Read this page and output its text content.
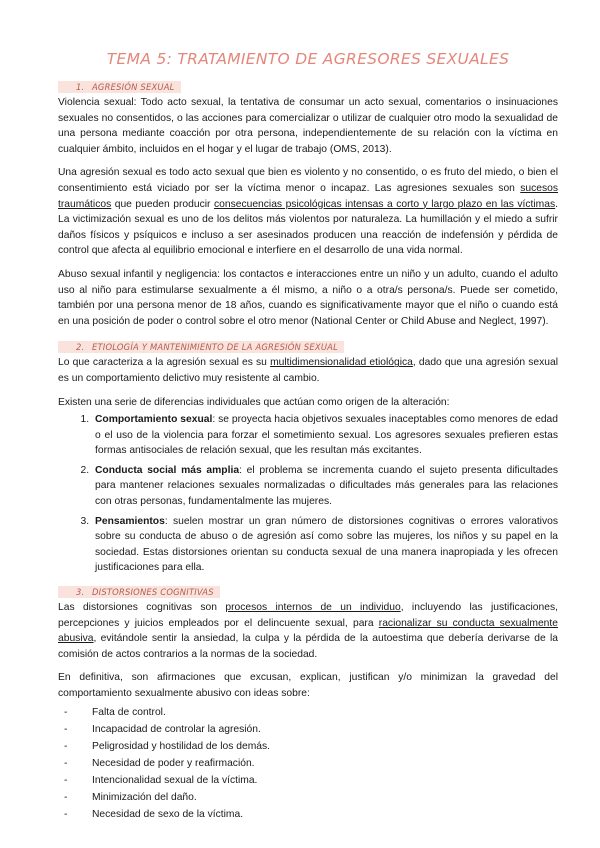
TEMA 5: TRATAMIENTO DE AGRESORES SEXUALES
1. AGRESIÓN SEXUAL

Violencia sexual: Todo acto sexual, la tentativa de consumar un acto sexual, comentarios o insinuaciones sexuales no consentidos, o las acciones para comercializar o utilizar de cualquier otro modo la sexualidad de una persona mediante coacción por otra persona, independientemente de su relación con la víctima en cualquier ámbito, incluidos en el hogar y el lugar de trabajo (OMS, 2013).

Una agresión sexual es todo acto sexual que bien es violento y no consentido, o es fruto del miedo, o bien el consentimiento está viciado por ser la víctima menor o incapaz. Las agresiones sexuales son sucesos traumáticos que pueden producir consecuencias psicológicas intensas a corto y largo plazo en las víctimas. La victimización sexual es uno de los delitos más violentos por naturaleza. La humillación y el miedo a sufrir daños físicos y psíquicos e incluso a ser asesinados producen una reacción de indefensión y pérdida de control que afecta al equilibrio emocional e interfiere en el desarrollo de una vida normal.

Abuso sexual infantil y negligencia: los contactos e interacciones entre un niño y un adulto, cuando el adulto uso al niño para estimularse sexualmente a él mismo, a niño o a otra/s persona/s. Puede ser cometido, también por una persona menor de 18 años, cuando es significativamente mayor que el niño o cuando está en una posición de poder o control sobre el otro menor (National Center or Child Abuse and Neglect, 1997).

2. ETIOLOGÍA Y MANTENIMIENTO DE LA AGRESIÓN SEXUAL

Lo que caracteriza a la agresión sexual es su multidimensionalidad etiológica, dado que una agresión sexual es un comportamiento delictivo muy resistente al cambio.

Existen una serie de diferencias individuales que actúan como origen de la alteración:

1. Comportamiento sexual: se proyecta hacia objetivos sexuales inaceptables como menores de edad o el uso de la violencia para forzar el sometimiento sexual. Los agresores sexuales prefieren estas formas antisociales de relación sexual, que les resultan más excitantes.
2. Conducta social más amplia: el problema se incrementa cuando el sujeto presenta dificultades para mantener relaciones sexuales normalizadas o dificultades más generales para las relaciones con otras personas, fundamentalmente las mujeres.
3. Pensamientos: suelen mostrar un gran número de distorsiones cognitivas o errores valorativos sobre su conducta de abuso o de agresión así como sobre las mujeres, los niños y su papel en la sociedad. Estas distorsiones orientan su conducta sexual de una manera inapropiada y les ofrecen justificaciones para ella.
3. DISTORSIONES COGNITIVAS

Las distorsiones cognitivas son procesos internos de un individuo, incluyendo las justificaciones, percepciones y juicios empleados por el delincuente sexual, para racionalizar su conducta sexualmente abusiva, evitándole sentir la ansiedad, la culpa y la pérdida de la autoestima que debería derivarse de la comisión de actos contrarios a la normas de la sociedad.

En definitiva, son afirmaciones que excusan, explican, justifican y/o minimizan la gravedad del comportamiento sexualmente abusivo con ideas sobre:

- Falta de control.
- Incapacidad de controlar la agresión.
- Peligrosidad y hostilidad de los demás.
- Necesidad de poder y reafirmación.
- Intencionalidad sexual de la víctima.
- Minimización del daño.
- Necesidad de sexo de la víctima.
